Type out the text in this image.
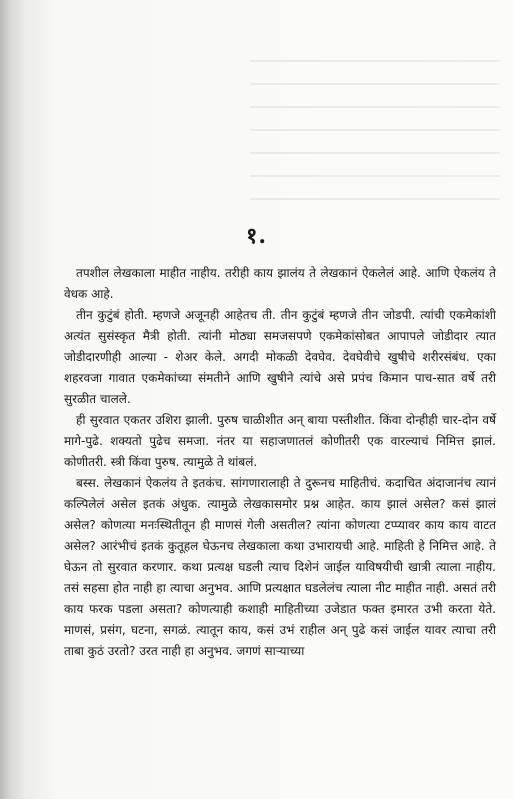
१.

तपशील लेखकाला माहीत नाहीय. तरीही काय झालंय ते लेखकानं ऐकलेलं आहे. आणि ऐकलंय ते वेधक आहे.

तीन कुटुंबं होती. म्हणजे अजूनही आहेतच ती. तीन कुटुंबं म्हणजे तीन जोडपी. त्यांची एकमेकांशी अत्यंत सुसंस्कृत मैत्री होती. त्यांनी मोठ्या समजसपणे एकमेकांसोबत आपापले जोडीदार त्यात जोडीदारणीही आल्या - शेअर केले. अगदी मोकळी देवघेव. देवघेवीचे खुषीचे शरीरसंबंध. एका शहरवजा गावात एकमेकांच्या संमतीने आणि खुषीने त्यांचे असे प्रपंच किमान पाच-सात वर्षे तरी सुरळीत चालले.

ही सुरवात एकतर उशिरा झाली. पुरुष चाळीशीत अन् बाया पस्तीशीत. किंवा दोन्हीही चार-दोन वर्षे मागे-पुढे. शक्यतो पुढेच समजा. नंतर या सहाजणातलं कोणीतरी एक वारल्याचं निमित्त झालं. कोणीतरी. स्त्री किंवा पुरुष. त्यामुळे ते थांबलं.

बस्स. लेखकानं ऐकलंय ते इतकंच. सांगणारालाही ते दुरूनच माहितीचं. कदाचित अंदाजानंच त्यानं कल्पिलेलं असेल इतकं अंधुक. त्यामुळे लेखकासमोर प्रश्न आहेत. काय झालं असेल? कसं झालं असेल? कोणत्या मनःस्थितीतून ही माणसं गेली असतील? त्यांना कोणत्या टप्प्यावर काय काय वाटत असेल? आरंभीचं इतकं कुतूहल घेऊनच लेखकाला कथा उभारायची आहे. माहिती हे निमित्त आहे. ते घेऊन तो सुरवात करणार. कथा प्रत्यक्ष घडली त्याच दिशेनं जाईल याविषयीची खात्री त्याला नाहीय. तसं सहसा होत नाही हा त्याचा अनुभव. आणि प्रत्यक्षात घडलेलंच त्याला नीट माहीत नाही. असतं तरी काय फरक पडला असता? कोणत्याही कशाही माहितीच्या उजेडात फक्त इमारत उभी करता येते. माणसं, प्रसंग, घटना, सगळं. त्यातून काय, कसं उभं राहील अन् पुढे कसं जाईल यावर त्याचा तरी ताबा कुठं उरतो? उरत नाही हा अनुभव. जगणं साऱ्याच्या
